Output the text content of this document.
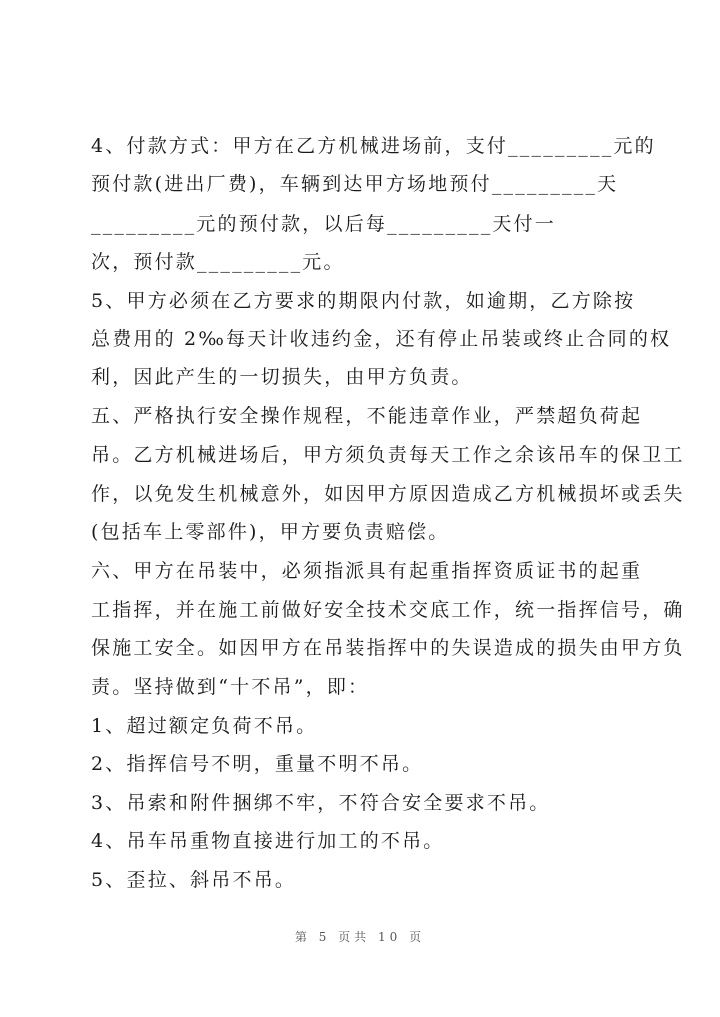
4、付款方式：甲方在乙方机械进场前，支付_________元的
预付款(进出厂费)，车辆到达甲方场地预付_________天
_________元的预付款，以后每_________天付一
次，预付款_________元。
5、甲方必须在乙方要求的期限内付款，如逾期，乙方除按
总费用的 2‰每天计收违约金，还有停止吊装或终止合同的权
利，因此产生的一切损失，由甲方负责。
五、严格执行安全操作规程，不能违章作业，严禁超负荷起
吊。乙方机械进场后，甲方须负责每天工作之余该吊车的保卫工
作，以免发生机械意外，如因甲方原因造成乙方机械损坏或丢失
(包括车上零部件)，甲方要负责赔偿。
六、甲方在吊装中，必须指派具有起重指挥资质证书的起重
工指挥，并在施工前做好安全技术交底工作，统一指挥信号，确
保施工安全。如因甲方在吊装指挥中的失误造成的损失由甲方负
责。坚持做到“十不吊”，即：
1、超过额定负荷不吊。
2、指挥信号不明，重量不明不吊。
3、吊索和附件捆绑不牢，不符合安全要求不吊。
4、吊车吊重物直接进行加工的不吊。
5、歪拉、斜吊不吊。
第 5 页共 10 页
